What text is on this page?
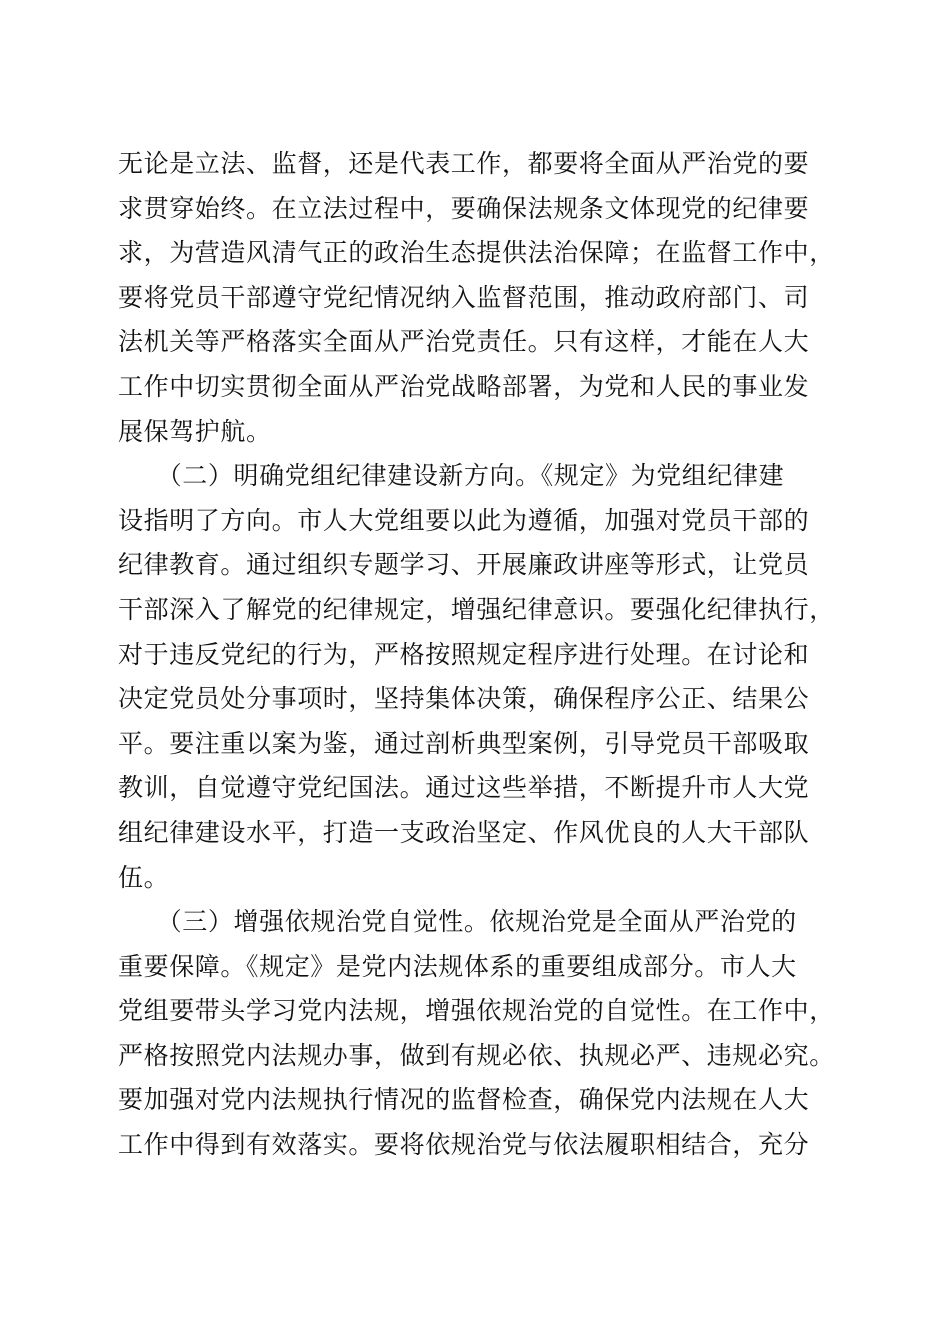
无论是立法、监督，还是代表工作，都要将全面从严治党的要
求贯穿始终。在立法过程中，要确保法规条文体现党的纪律要
求，为营造风清气正的政治生态提供法治保障；在监督工作中，
要将党员干部遵守党纪情况纳入监督范围，推动政府部门、司
法机关等严格落实全面从严治党责任。只有这样，才能在人大
工作中切实贯彻全面从严治党战略部署，为党和人民的事业发
展保驾护航。
　　（二）明确党组纪律建设新方向。《规定》为党组纪律建
设指明了方向。市人大党组要以此为遵循，加强对党员干部的
纪律教育。通过组织专题学习、开展廉政讲座等形式，让党员
干部深入了解党的纪律规定，增强纪律意识。要强化纪律执行，
对于违反党纪的行为，严格按照规定程序进行处理。在讨论和
决定党员处分事项时，坚持集体决策，确保程序公正、结果公
平。要注重以案为鉴，通过剖析典型案例，引导党员干部吸取
教训，自觉遵守党纪国法。通过这些举措，不断提升市人大党
组纪律建设水平，打造一支政治坚定、作风优良的人大干部队
伍。
　　（三）增强依规治党自觉性。依规治党是全面从严治党的
重要保障。《规定》是党内法规体系的重要组成部分。市人大
党组要带头学习党内法规，增强依规治党的自觉性。在工作中，
严格按照党内法规办事，做到有规必依、执规必严、违规必究。
要加强对党内法规执行情况的监督检查，确保党内法规在人大
工作中得到有效落实。要将依规治党与依法履职相结合，充分
